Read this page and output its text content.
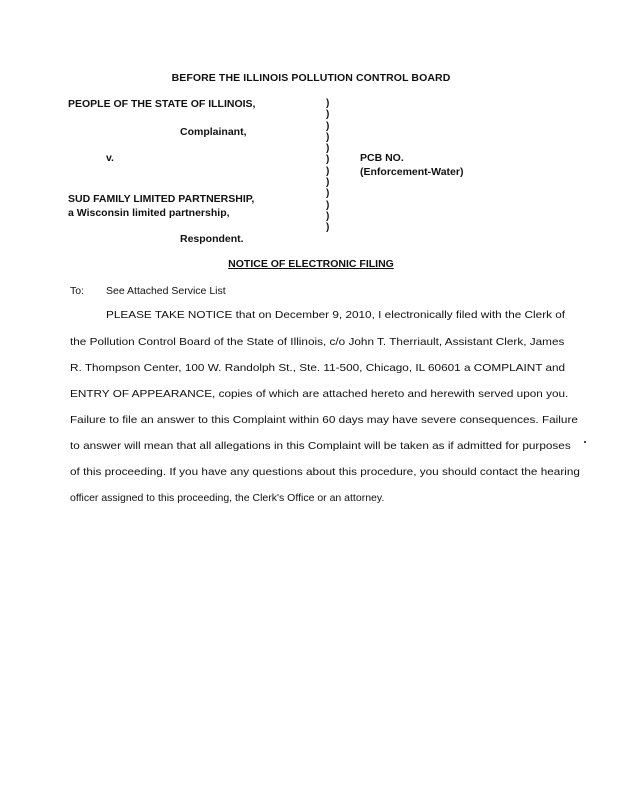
BEFORE THE ILLINOIS POLLUTION CONTROL BOARD
PEOPLE OF THE STATE OF ILLINOIS,
Complainant,
v.
SUD FAMILY LIMITED PARTNERSHIP,
a Wisconsin limited partnership,
Respondent.
)
)
)
)
)
)
)
)
)
)
)
)
PCB NO.
(Enforcement-Water)
NOTICE OF ELECTRONIC FILING
To: See Attached Service List
PLEASE TAKE NOTICE that on December 9, 2010, I electronically filed with the Clerk of
the Pollution Control Board of the State of Illinois, c/o John T. Therriault, Assistant Clerk, James
R. Thompson Center, 100 W. Randolph St., Ste. 11-500, Chicago, IL 60601 a COMPLAINT and
ENTRY OF APPEARANCE, copies of which are attached hereto and herewith served upon you.
Failure to file an answer to this Complaint within 60 days may have severe consequences. Failure
to answer will mean that all allegations in this Complaint will be taken as if admitted for purposes
of this proceeding. If you have any questions about this procedure, you should contact the hearing
officer assigned to this proceeding, the Clerk's Office or an attorney.
